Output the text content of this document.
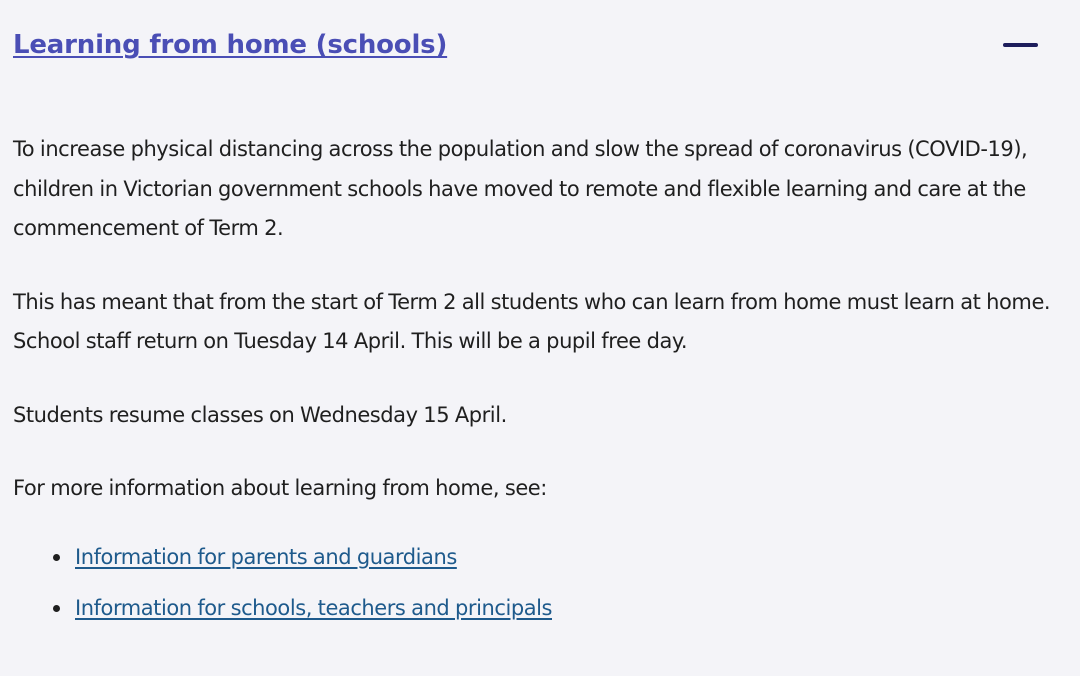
Learning from home (schools)

To increase physical distancing across the population and slow the spread of coronavirus (COVID-19), children in Victorian government schools have moved to remote and flexible learning and care at the commencement of Term 2.

This has meant that from the start of Term 2 all students who can learn from home must learn at home. School staff return on Tuesday 14 April. This will be a pupil free day.

Students resume classes on Wednesday 15 April.

For more information about learning from home, see:

Information for parents and guardians
Information for schools, teachers and principals
